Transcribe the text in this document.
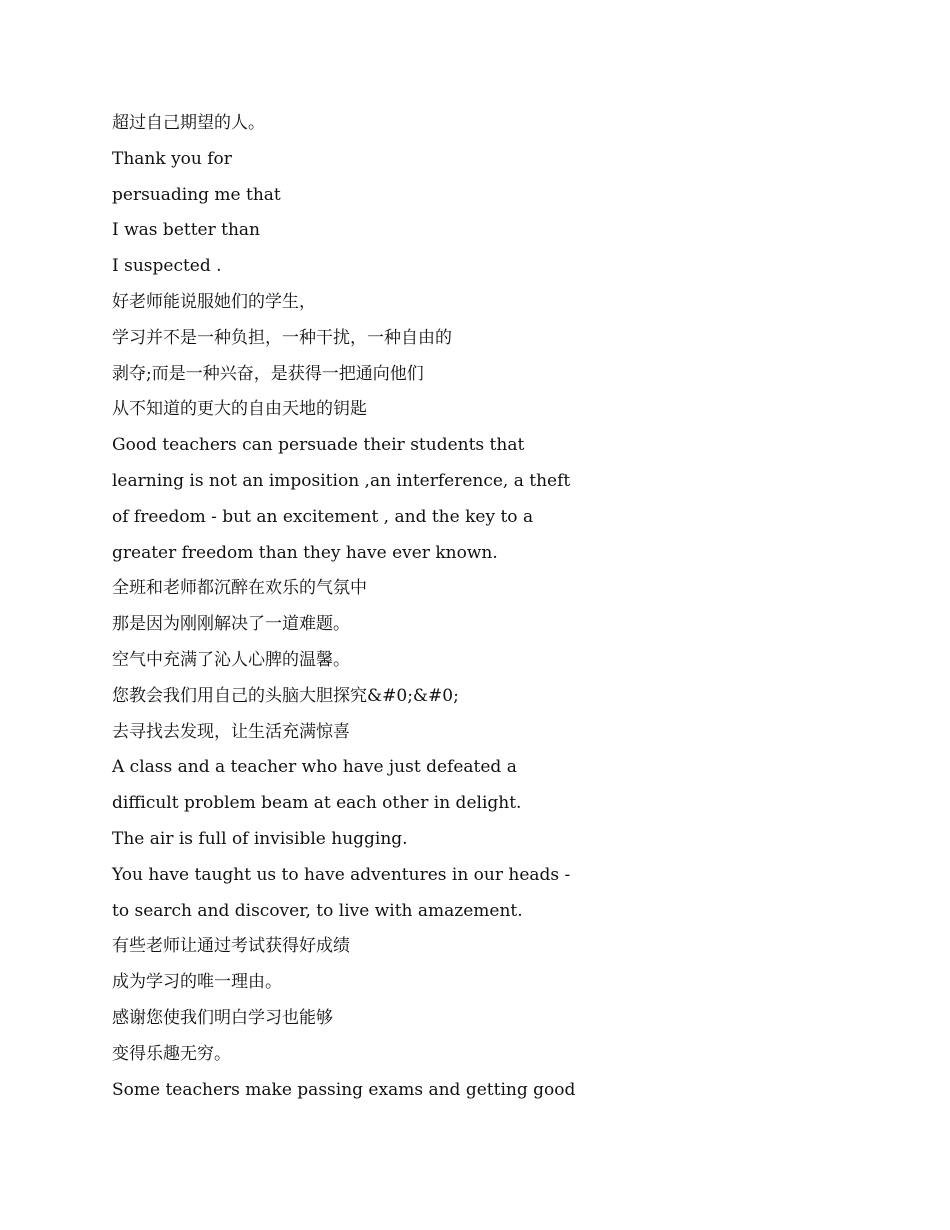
超过自己期望的人。
Thank you for
persuading me that
I was better than
I suspected .
好老师能说服她们的学生，
学习并不是一种负担，一种干扰，一种自由的
剥夺;而是一种兴奋，是获得一把通向他们
从不知道的更大的自由天地的钥匙
Good teachers can persuade their students that
learning is not an imposition ,an interference, a theft
of freedom - but an excitement , and the key to a
greater freedom than they have ever known.
全班和老师都沉醉在欢乐的气氛中
那是因为刚刚解决了一道难题。
空气中充满了沁人心脾的温馨。
您教会我们用自己的头脑大胆探究&#0;&#0;
去寻找去发现，让生活充满惊喜
A class and a teacher who have just defeated a
difficult problem beam at each other in delight.
The air is full of invisible hugging.
You have taught us to have adventures in our heads -
to search and discover, to live with amazement.
有些老师让通过考试获得好成绩
成为学习的唯一理由。
感谢您使我们明白学习也能够
变得乐趣无穷。
Some teachers make passing exams and getting good
